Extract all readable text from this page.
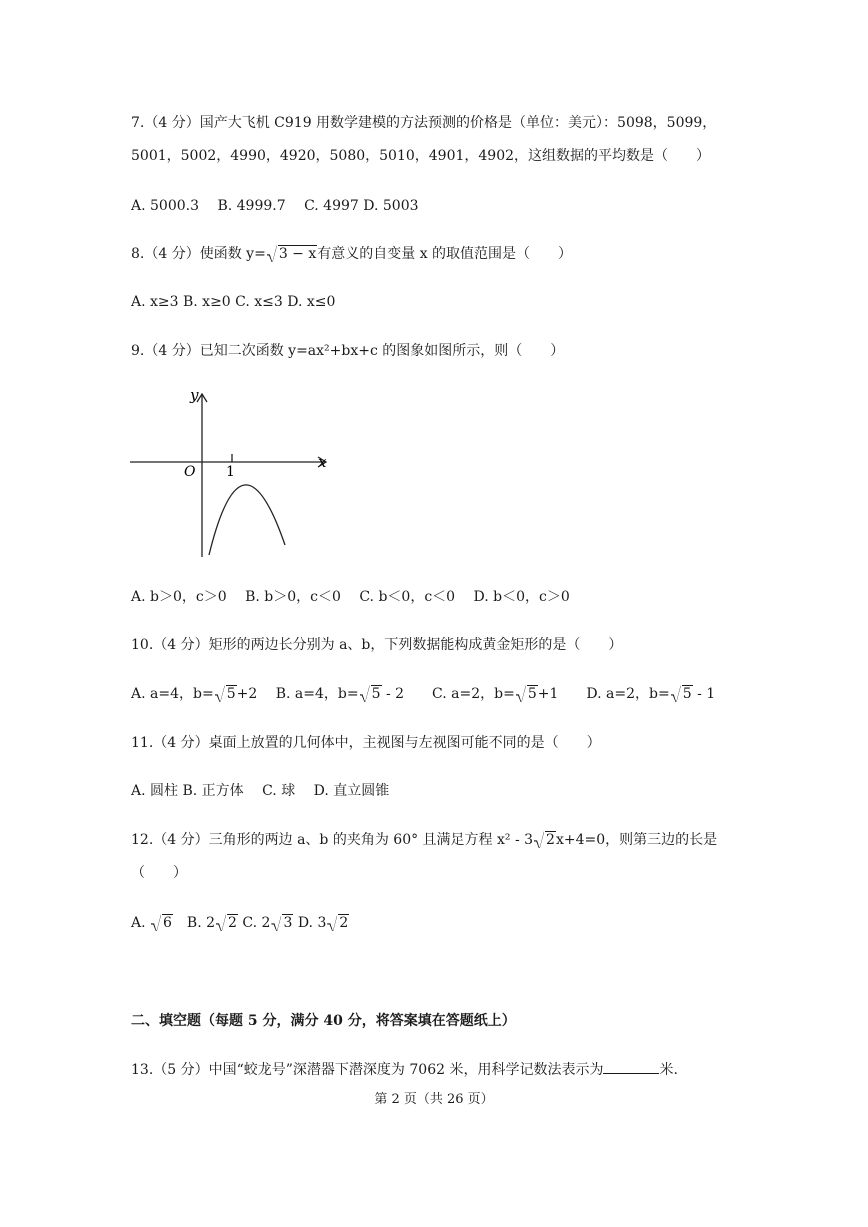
7.（4 分）国产大飞机 C919 用数学建模的方法预测的价格是（单位：美元）：5098，5099，
5001，5002，4990，4920，5080，5010，4901，4902，这组数据的平均数是（　　）
A. 5000.3　 B. 4999.7　 C. 4997 D. 5003
8.（4 分）使函数 y= 3 − x有意义的自变量 x 的取值范围是（　　）
A. x≥3 B. x≥0 C. x≤3 D. x≤0
9.（4 分）已知二次函数 y=ax²+bx+c 的图象如图所示，则（　　）
y
x
O 1
A. b＞0，c＞0　 B. b＞0，c＜0　 C. b＜0，c＜0　 D. b＜0，c＞0
10.（4 分）矩形的两边长分别为 a、b，下列数据能构成黄金矩形的是（　　）
A. a=4，b= 5+2　 B. a=4，b= 5 - 2　　C. a=2，b= 5+1　　D. a=2，b= 5 - 1
11.（4 分）桌面上放置的几何体中，主视图与左视图可能不同的是（　　）
A. 圆柱 B. 正方体　 C. 球　 D. 直立圆锥
12.（4 分）三角形的两边 a、b 的夹角为 60° 且满足方程 x² - 3 2x+4=0，则第三边的长是
（　　）
A. 6　B. 2 2 C. 2 3 D. 3 2
二、填空题（每题 5 分，满分 40 分，将答案填在答题纸上）
13.（5 分）中国“蛟龙号”深潜器下潜深度为 7062 米，用科学记数法表示为	米.
第 2 页（共 26 页）
